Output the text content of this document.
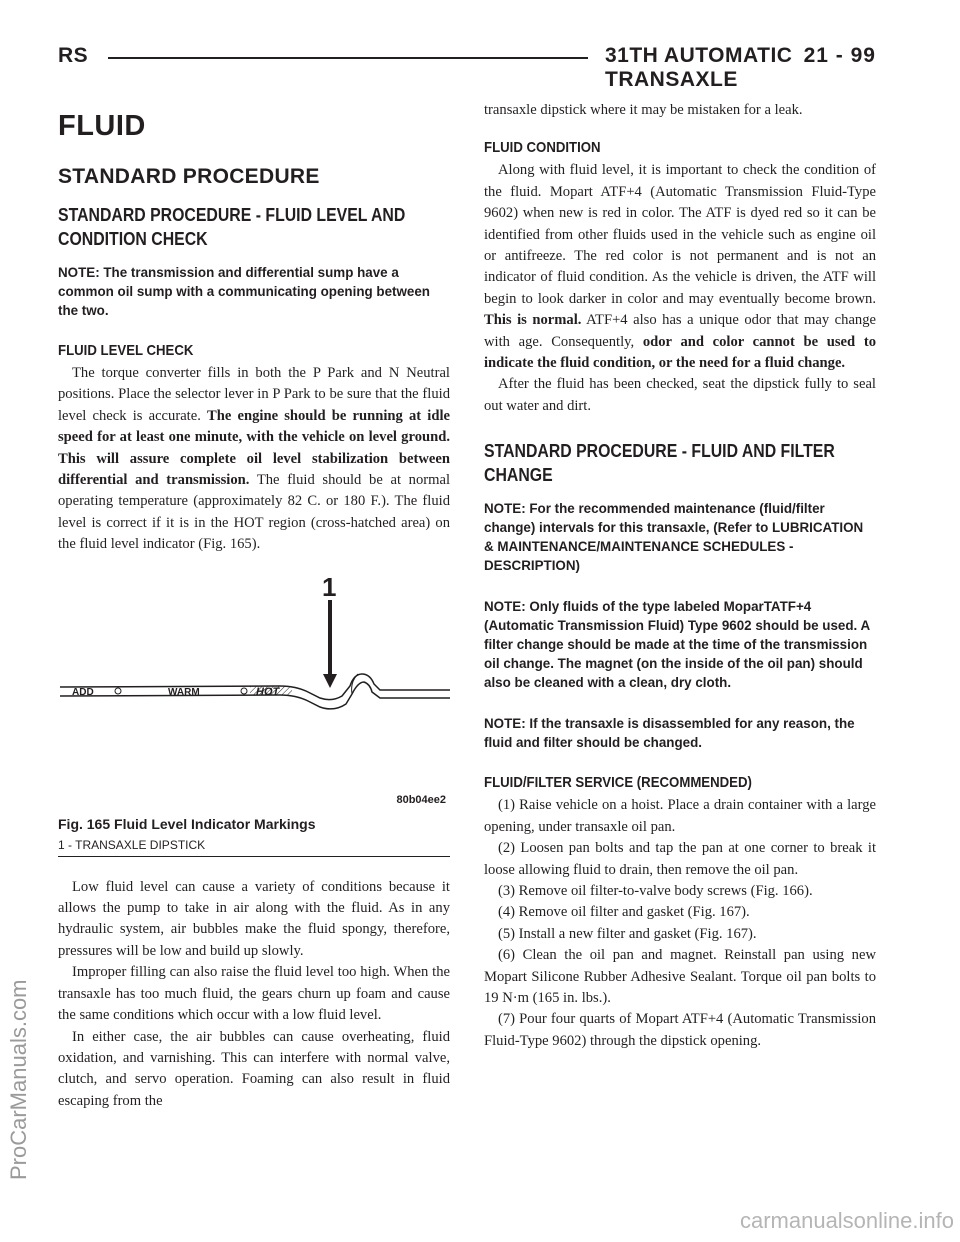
RS	31TH AUTOMATIC TRANSAXLE
21 - 99
FLUID
STANDARD PROCEDURE
STANDARD PROCEDURE - FLUID LEVEL AND CONDITION CHECK
NOTE: The transmission and differential sump have a common oil sump with a communicating opening between the two.
FLUID LEVEL CHECK

The torque converter fills in both the P Park and N Neutral positions. Place the selector lever in P Park to be sure that the fluid level check is accurate. The engine should be running at idle speed for at least one minute, with the vehicle on level ground. This will assure complete oil level stabilization between differential and transmission. The fluid should be at normal operating temperature (approximately 82 C. or 180 F.). The fluid level is correct if it is in the HOT region (cross-hatched area) on the fluid level indicator (Fig. 165).

1
ADD	WARM	HOT
80b04ee2
Fig. 165 Fluid Level Indicator Markings
1 - TRANSAXLE DIPSTICK

Low fluid level can cause a variety of conditions because it allows the pump to take in air along with the fluid. As in any hydraulic system, air bubbles make the fluid spongy, therefore, pressures will be low and build up slowly.

Improper filling can also raise the fluid level too high. When the transaxle has too much fluid, the gears churn up foam and cause the same conditions which occur with a low fluid level.

In either case, the air bubbles can cause overheating, fluid oxidation, and varnishing. This can interfere with normal valve, clutch, and servo operation. Foaming can also result in fluid escaping from the

transaxle dipstick where it may be mistaken for a leak.

FLUID CONDITION

Along with fluid level, it is important to check the condition of the fluid. Mopart ATF+4 (Automatic Transmission Fluid-Type 9602) when new is red in color. The ATF is dyed red so it can be identified from other fluids used in the vehicle such as engine oil or antifreeze. The red color is not permanent and is not an indicator of fluid condition. As the vehicle is driven, the ATF will begin to look darker in color and may eventually become brown. This is normal. ATF+4 also has a unique odor that may change with age. Consequently, odor and color cannot be used to indicate the fluid condition, or the need for a fluid change.

After the fluid has been checked, seat the dipstick fully to seal out water and dirt.

STANDARD PROCEDURE - FLUID AND FILTER CHANGE
NOTE: For the recommended maintenance (fluid/filter change) intervals for this transaxle, (Refer to LUBRICATION & MAINTENANCE/MAINTENANCE SCHEDULES - DESCRIPTION)
NOTE: Only fluids of the type labeled MoparTATF+4 (Automatic Transmission Fluid) Type 9602 should be used. A filter change should be made at the time of the transmission oil change. The magnet (on the inside of the oil pan) should also be cleaned with a clean, dry cloth.
NOTE: If the transaxle is disassembled for any reason, the fluid and filter should be changed.
FLUID/FILTER SERVICE (RECOMMENDED)

(1) Raise vehicle on a hoist. Place a drain container with a large opening, under transaxle oil pan.

(2) Loosen pan bolts and tap the pan at one corner to break it loose allowing fluid to drain, then remove the oil pan.

(3) Remove oil filter-to-valve body screws (Fig. 166).

(4) Remove oil filter and gasket (Fig. 167).

(5) Install a new filter and gasket (Fig. 167).

(6) Clean the oil pan and magnet. Reinstall pan using new Mopart Silicone Rubber Adhesive Sealant. Torque oil pan bolts to 19 N·m (165 in. lbs.).

(7) Pour four quarts of Mopart ATF+4 (Automatic Transmission Fluid-Type 9602) through the dipstick opening.

ProCarManuals.com
carmanualsonline.info
